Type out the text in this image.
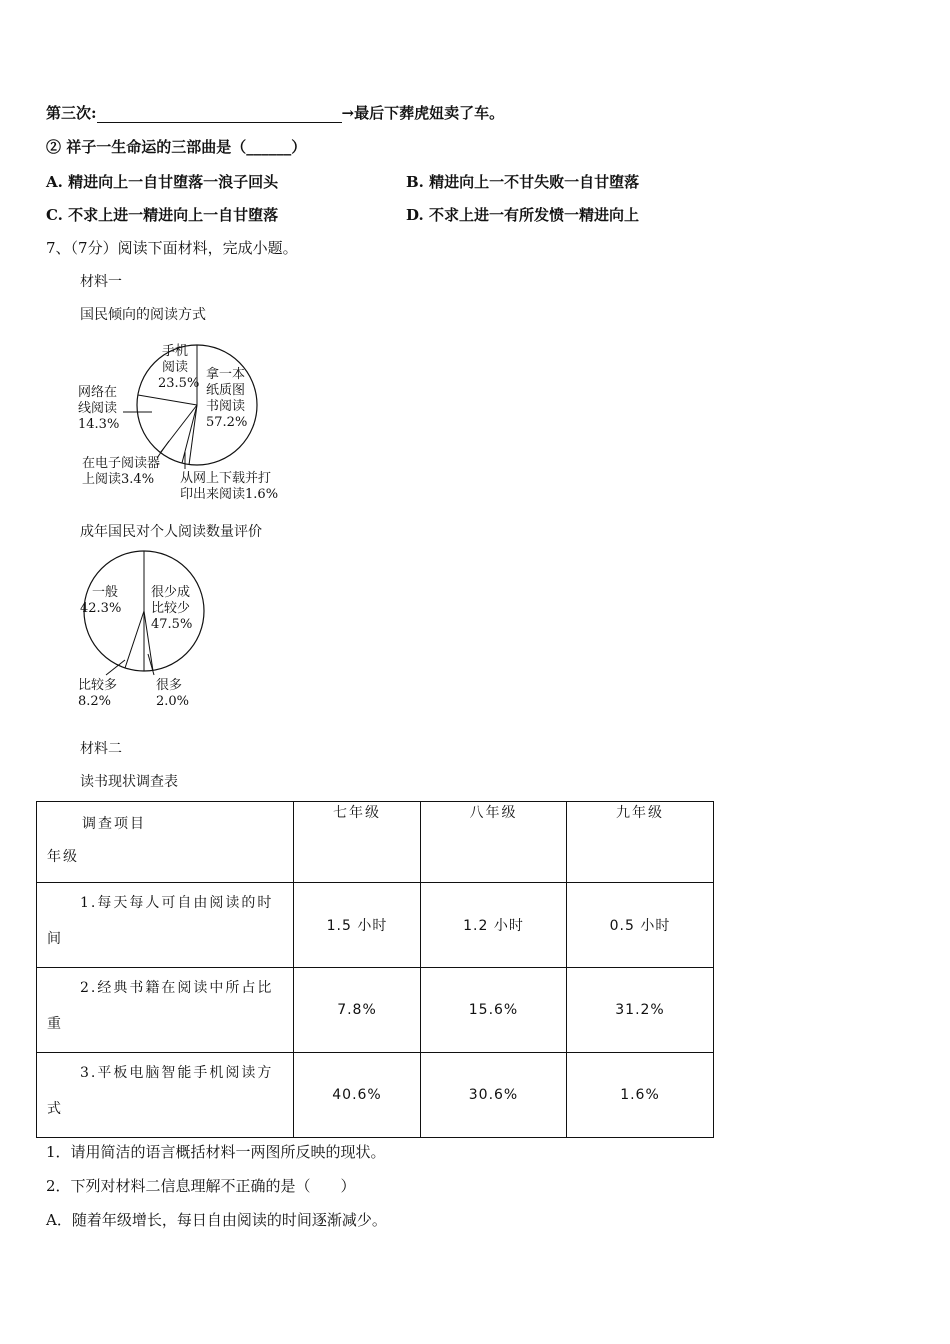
第三次:	→最后下葬虎妞卖了车。
② 祥子一生命运的三部曲是（______）
A. 精进向上一自甘堕落一浪子回头	B. 精进向上一不甘失败一自甘堕落
C. 不求上进一精进向上一自甘堕落	D. 不求上进一有所发愤一精进向上
7、（7分）阅读下面材料，完成小题。
材料一
国民倾向的阅读方式
拿一本纸质图书阅读 57.2%
手机阅读 23.5%
网络在线阅读 14.3%
在电子阅读器上阅读3.4%	从网上下载并打印出来阅读1.6%
成年国民对个人阅读数量评价
一般 42.3%
很少成比较少 47.5%
比较多 8.2%
很多 2.0%
材料二
读书现状调查表
调查项目
年级	七年级	八年级	九年级

1.每天每人可自由阅读的时
间	1.5 小时	1.2 小时	0.5 小时

2.经典书籍在阅读中所占比
重	7.8%	15.6%	31.2%

3.平板电脑智能手机阅读方
式	40.6%	30.6%	1.6%
1．请用简洁的语言概括材料一两图所反映的现状。
2．下列对材料二信息理解不正确的是（　　）
A．随着年级增长，每日自由阅读的时间逐渐减少。
